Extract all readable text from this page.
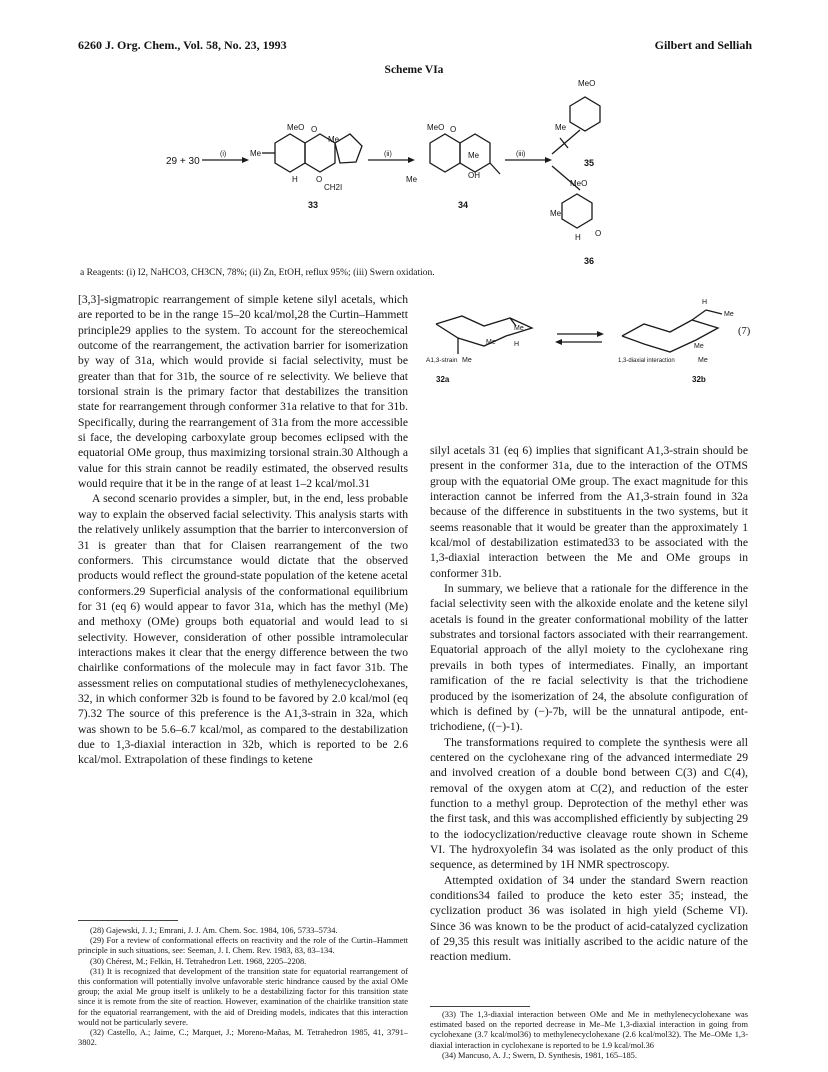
6260 J. Org. Chem., Vol. 58, No. 23, 1993	Gilbert and Selliah
Scheme VIa
29 + 30
(i)	Me
MeO O
Me
H O
CH2I
33
(ii)
MeO O
Me
OH
Me
34
(iii)
MeO
Me
35
MeO
Me
H O
36
a Reagents: (i) I2, NaHCO3, CH3CN, 78%; (ii) Zn, EtOH, reflux 95%; (iii) Swern oxidation.

[3,3]-sigmatropic rearrangement of simple ketene silyl acetals, which are reported to be in the range 15–20 kcal/mol,28 the Curtin–Hammett principle29 applies to the system. To account for the stereochemical outcome of the rearrangement, the activation barrier for isomerization by way of 31a, which would provide si facial selectivity, must be greater than that for 31b, the source of re selectivity. We believe that torsional strain is the primary factor that destabilizes the transition state for rearrangement through conformer 31a relative to that for 31b. Specifically, during the rearrangement of 31a from the more accessible si face, the developing carboxylate group becomes eclipsed with the equatorial OMe group, thus maximizing torsional strain.30 Although a value for this strain cannot be readily estimated, the observed results would require that it be in the range of at least 1–2 kcal/mol.31

A second scenario provides a simpler, but, in the end, less probable way to explain the observed facial selectivity. This analysis starts with the relatively unlikely assumption that the barrier to interconversion of 31 is greater than that for Claisen rearrangement of the two conformers. This circumstance would dictate that the observed products would reflect the ground-state population of the ketene acetal conformers.29 Superficial analysis of the conformational equilibrium for 31 (eq 6) would appear to favor 31a, which has the methyl (Me) and methoxy (OMe) groups both equatorial and would lead to si selectivity. However, consideration of other possible intramolecular interactions makes it clear that the energy difference between the two chairlike conformations of the molecule may in fact favor 31b. The assessment relies on computational studies of methylenecyclohexanes, 32, in which conformer 32b is found to be favored by 2.0 kcal/mol (eq 7).32 The source of this preference is the A1,3-strain in 32a, which was shown to be 5.6–6.7 kcal/mol, as compared to the destabilization due to 1,3-diaxial interaction in 32b, which is reported to be 2.6 kcal/mol. Extrapolation of these findings to ketene

Me
Me	H
A1,3-strain Me
H
Me
Me
1,3-diaxial interaction	Me
32a	32b
(7)

silyl acetals 31 (eq 6) implies that significant A1,3-strain should be present in the conformer 31a, due to the interaction of the OTMS group with the equatorial OMe group. The exact magnitude for this interaction cannot be inferred from the A1,3-strain found in 32a because of the difference in substituents in the two systems, but it seems reasonable that it would be greater than the approximately 1 kcal/mol of destabilization estimated33 to be associated with the 1,3-diaxial interaction between the Me and OMe groups in conformer 31b.

In summary, we believe that a rationale for the difference in the facial selectivity seen with the alkoxide enolate and the ketene silyl acetals is found in the greater conformational mobility of the latter substrates and torsional factors associated with their rearrangement. Equatorial approach of the allyl moiety to the cyclohexane ring prevails in both types of intermediates. Finally, an important ramification of the re facial selectivity is that the trichodiene produced by the isomerization of 24, the absolute configuration of which is defined by (−)-7b, will be the unnatural antipode, ent-trichodiene, ((−)-1).

The transformations required to complete the synthesis were all centered on the cyclohexane ring of the advanced intermediate 29 and involved creation of a double bond between C(3) and C(4), removal of the oxygen atom at C(2), and reduction of the ester function to a methyl group. Deprotection of the methyl ether was the first task, and this was accomplished efficiently by subjecting 29 to the iodocyclization/reductive cleavage route shown in Scheme VI. The hydroxyolefin 34 was isolated as the only product of this sequence, as determined by 1H NMR spectroscopy.

Attempted oxidation of 34 under the standard Swern reaction conditions34 failed to produce the keto ester 35; instead, the cyclization product 36 was isolated in high yield (Scheme VI). Since 36 was known to be the product of acid-catalyzed cyclization of 29,35 this result was initially ascribed to the acidic nature of the reaction medium.

(28) Gajewski, J. J.; Emrani, J. J. Am. Chem. Soc. 1984, 106, 5733–5734.

(29) For a review of conformational effects on reactivity and the role of the Curtin–Hammett principle in such situations, see: Seeman, J. I. Chem. Rev. 1983, 83, 83–134.

(30) Chérest, M.; Felkin, H. Tetrahedron Lett. 1968, 2205–2208.

(31) It is recognized that development of the transition state for equatorial rearrangement of this conformation will potentially involve unfavorable steric hindrance caused by the axial OMe group; the axial Me group itself is unlikely to be a destabilizing factor for this transition state since it is remote from the site of reaction. However, examination of the chairlike transition state for the equatorial rearrangement, with the aid of Dreiding models, indicates that this interaction would not be particularly severe.

(32) Castello, A.; Jaime, C.; Marquet, J.; Moreno-Mañas, M. Tetrahedron 1985, 41, 3791–3802.

(33) The 1,3-diaxial interaction between OMe and Me in methylenecyclohexane was estimated based on the reported decrease in Me–Me 1,3-diaxial interaction in going from cyclohexane (3.7 kcal/mol36) to methylenecyclohexane (2.6 kcal/mol32). The Me–OMe 1,3-diaxial interaction in cyclohexane is reported to be 1.9 kcal/mol.36

(34) Mancuso, A. J.; Swern, D. Synthesis, 1981, 165–185.
